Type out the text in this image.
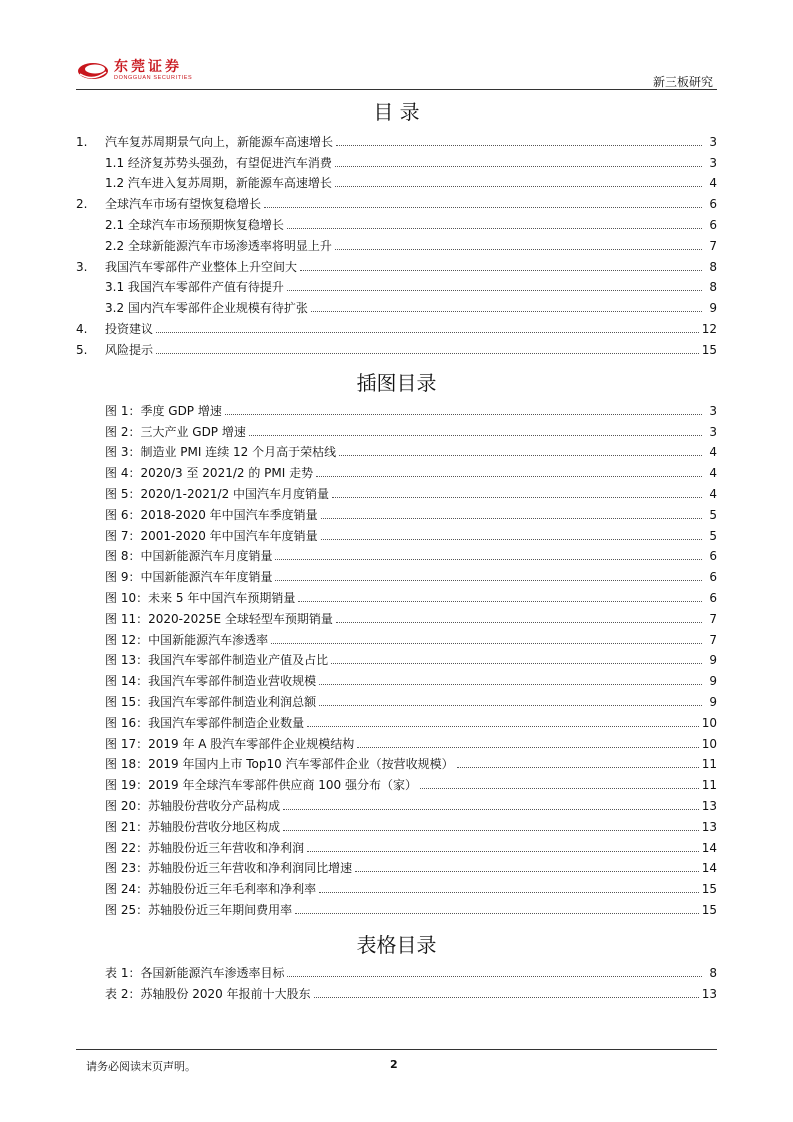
东莞证券
DONGGUAN SECURITIES	新三板研究
目 录
1.	汽车复苏周期景气向上，新能源车高速增长	3
1.1 经济复苏势头强劲，有望促进汽车消费	3
1.2 汽车进入复苏周期，新能源车高速增长	4
2.	全球汽车市场有望恢复稳增长	6
2.1 全球汽车市场预期恢复稳增长	6
2.2 全球新能源汽车市场渗透率将明显上升	7
3.	我国汽车零部件产业整体上升空间大	8
3.1 我国汽车零部件产值有待提升	8
3.2 国内汽车零部件企业规模有待扩张	9
4.	投资建议	12
5.	风险提示	15
插图目录
图 1：季度 GDP 增速	3
图 2：三大产业 GDP 增速	3
图 3：制造业 PMI 连续 12 个月高于荣枯线	4
图 4：2020/3 至 2021/2 的 PMI 走势	4
图 5：2020/1-2021/2 中国汽车月度销量	4
图 6：2018-2020 年中国汽车季度销量	5
图 7：2001-2020 年中国汽车年度销量	5
图 8：中国新能源汽车月度销量	6
图 9：中国新能源汽车年度销量	6
图 10：未来 5 年中国汽车预期销量	6
图 11：2020-2025E 全球轻型车预期销量	7
图 12：中国新能源汽车渗透率	7
图 13：我国汽车零部件制造业产值及占比	9
图 14：我国汽车零部件制造业营收规模	9
图 15：我国汽车零部件制造业利润总额	9
图 16：我国汽车零部件制造企业数量	10
图 17：2019 年 A 股汽车零部件企业规模结构	10
图 18：2019 年国内上市 Top10 汽车零部件企业（按营收规模）	11
图 19：2019 年全球汽车零部件供应商 100 强分布（家）	11
图 20：苏轴股份营收分产品构成	13
图 21：苏轴股份营收分地区构成	13
图 22：苏轴股份近三年营收和净利润	14
图 23：苏轴股份近三年营收和净利润同比增速	14
图 24：苏轴股份近三年毛利率和净利率	15
图 25：苏轴股份近三年期间费用率	15
表格目录
表 1：各国新能源汽车渗透率目标	8
表 2：苏轴股份 2020 年报前十大股东	13
请务必阅读末页声明。	2
